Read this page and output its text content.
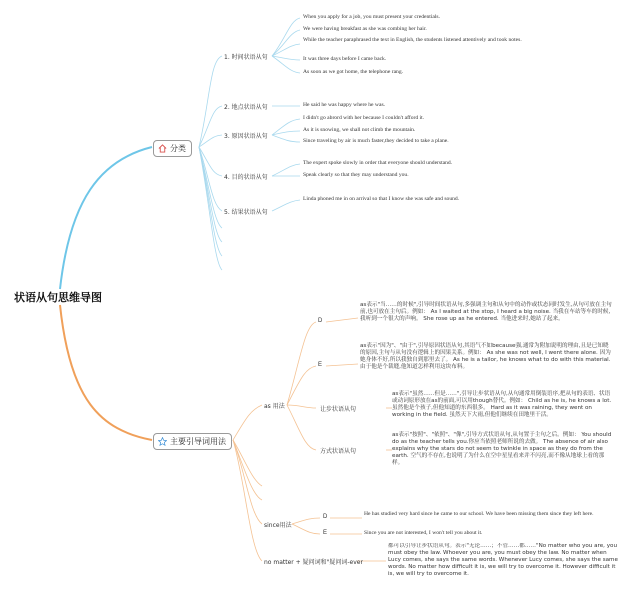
状语从句思维导图
分类
主要引导词用法
1. 时间状语从句
2. 地点状语从句
3. 原因状语从句
4. 目的状语从句
5. 结果状语从句
When you apply for a job, you must present your credentials.
We were having breakfast as she was combing her hair.
While the teacher paraphrased the text in English, the students listened attentively and took notes.
It was three days before I came back.
As soon as we got home, the telephone rang.
He said he was happy where he was.
I didn't go abrord with her because I couldn't afford it.
As it is snowing, we shall not climb the mountain.
Since traveling by air is much faster,they decided to take a plane.
The expert spoke slowly in order that everyone should understand.
Speak clearly so that they may understand you.
Linda phoned me in on arrival so that I know she was safe and sound.
as 用法
D
E
让步状语从句
方式状语从句
as表示"当……的时候",引导时间状语从句,多强调主句和从句中的动作或状态同时发生,从句可放在主句前,也可放在主句后。例如： As I waited at the stop, I heard a big noise. 当我在车站等车的时候,我听到一个很大的声响。 She rose up as he entered. 当他进来时,她站了起来。
as表示"因为"、"由于",引导原因状语从句,其语气不如because强,通常为附加说明的理由,且是已知晓的原因,主句与从句没有逻辑上的因果关系。例如： As she was not well, I went there alone. 因为她身体不好,所以我独自到那里去了。 As he is a tailor, he knows what to do with this material. 由于他是个裁缝,他知道怎样利用这块布料。
as表示"虽然……但是……",引导让步状语从句,从句通常用倒装语序,把从句的表语、状语或动词原形放在as的前面,可以用though替代。例如： Child as he is, he knows a lot. 虽然他是个孩子,但他知道的东西很多。 Hard as it was raining, they went on working in the field. 虽然天下大雨,但他们继续在田地里干活。
as表示"按照"、"依照"、"像",引导方式状语从句,从句置于主句之后。例如： You should do as the teacher tells you.你应当依照老师所说的去做。 The absence of air also explains why the stars do not seem to twinkle in space as they do from the earth. 空气的不存在,也说明了为什么在空中星星看来并不闪亮,而不像从地球上看的那样。
since用法
D
E
He has studied very hard since he came to our school. We have been missing them since they left here.
Since you are not interested, I won't tell you about it.
no matter + 疑问词和"疑问词-ever
都可以引导让步状语从句。表示"无论……；不管……都……"No matter who you are, you must obey the law. Whoever you are, you must obey the law. No matter when Lucy comes, she says the same words. Whenever Lucy comes, she says the same words. No matter how difficult it is, we will try to overcome it. However difficult it is, we will try to overcome it.
